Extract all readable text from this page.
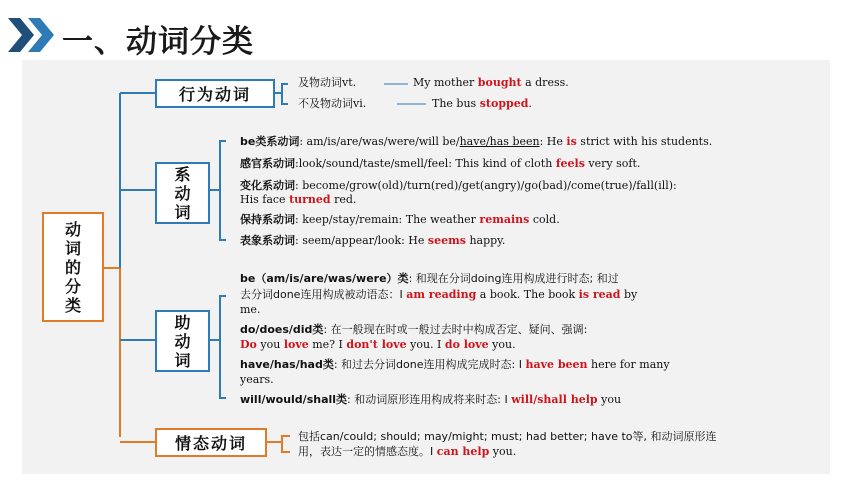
一、动词分类
动
词
的
分
类
行为动词
及物动词vt.	My mother bought a dress.
不及物动词vi.	The bus stopped.
系
动
词
be类系动词: am/is/are/was/were/will be/have/has been: He is strict with his students.
感官系动词:look/sound/taste/smell/feel: This kind of cloth feels very soft.
变化系动词: become/grow(old)/turn(red)/get(angry)/go(bad)/come(true)/fall(ill):
His face turned red.
保持系动词: keep/stay/remain: The weather remains cold.
表象系动词: seem/appear/look: He seems happy.
助
动
词
be（am/is/are/was/were）类: 和现在分词doing连用构成进行时态; 和过
去分词done连用构成被动语态：I am reading a book. The book is read by
me.
do/does/did类: 在一般现在时或一般过去时中构成否定、疑问、强调:
Do you love me? I don't love you. I do love you.
have/has/had类: 和过去分词done连用构成完成时态: I have been here for many
years.
will/would/shall类: 和动词原形连用构成将来时态: I will/shall help you
情态动词	包括can/could; should; may/might; must; had better; have to等, 和动词原形连
用，表达一定的情感态度。I can help you.
